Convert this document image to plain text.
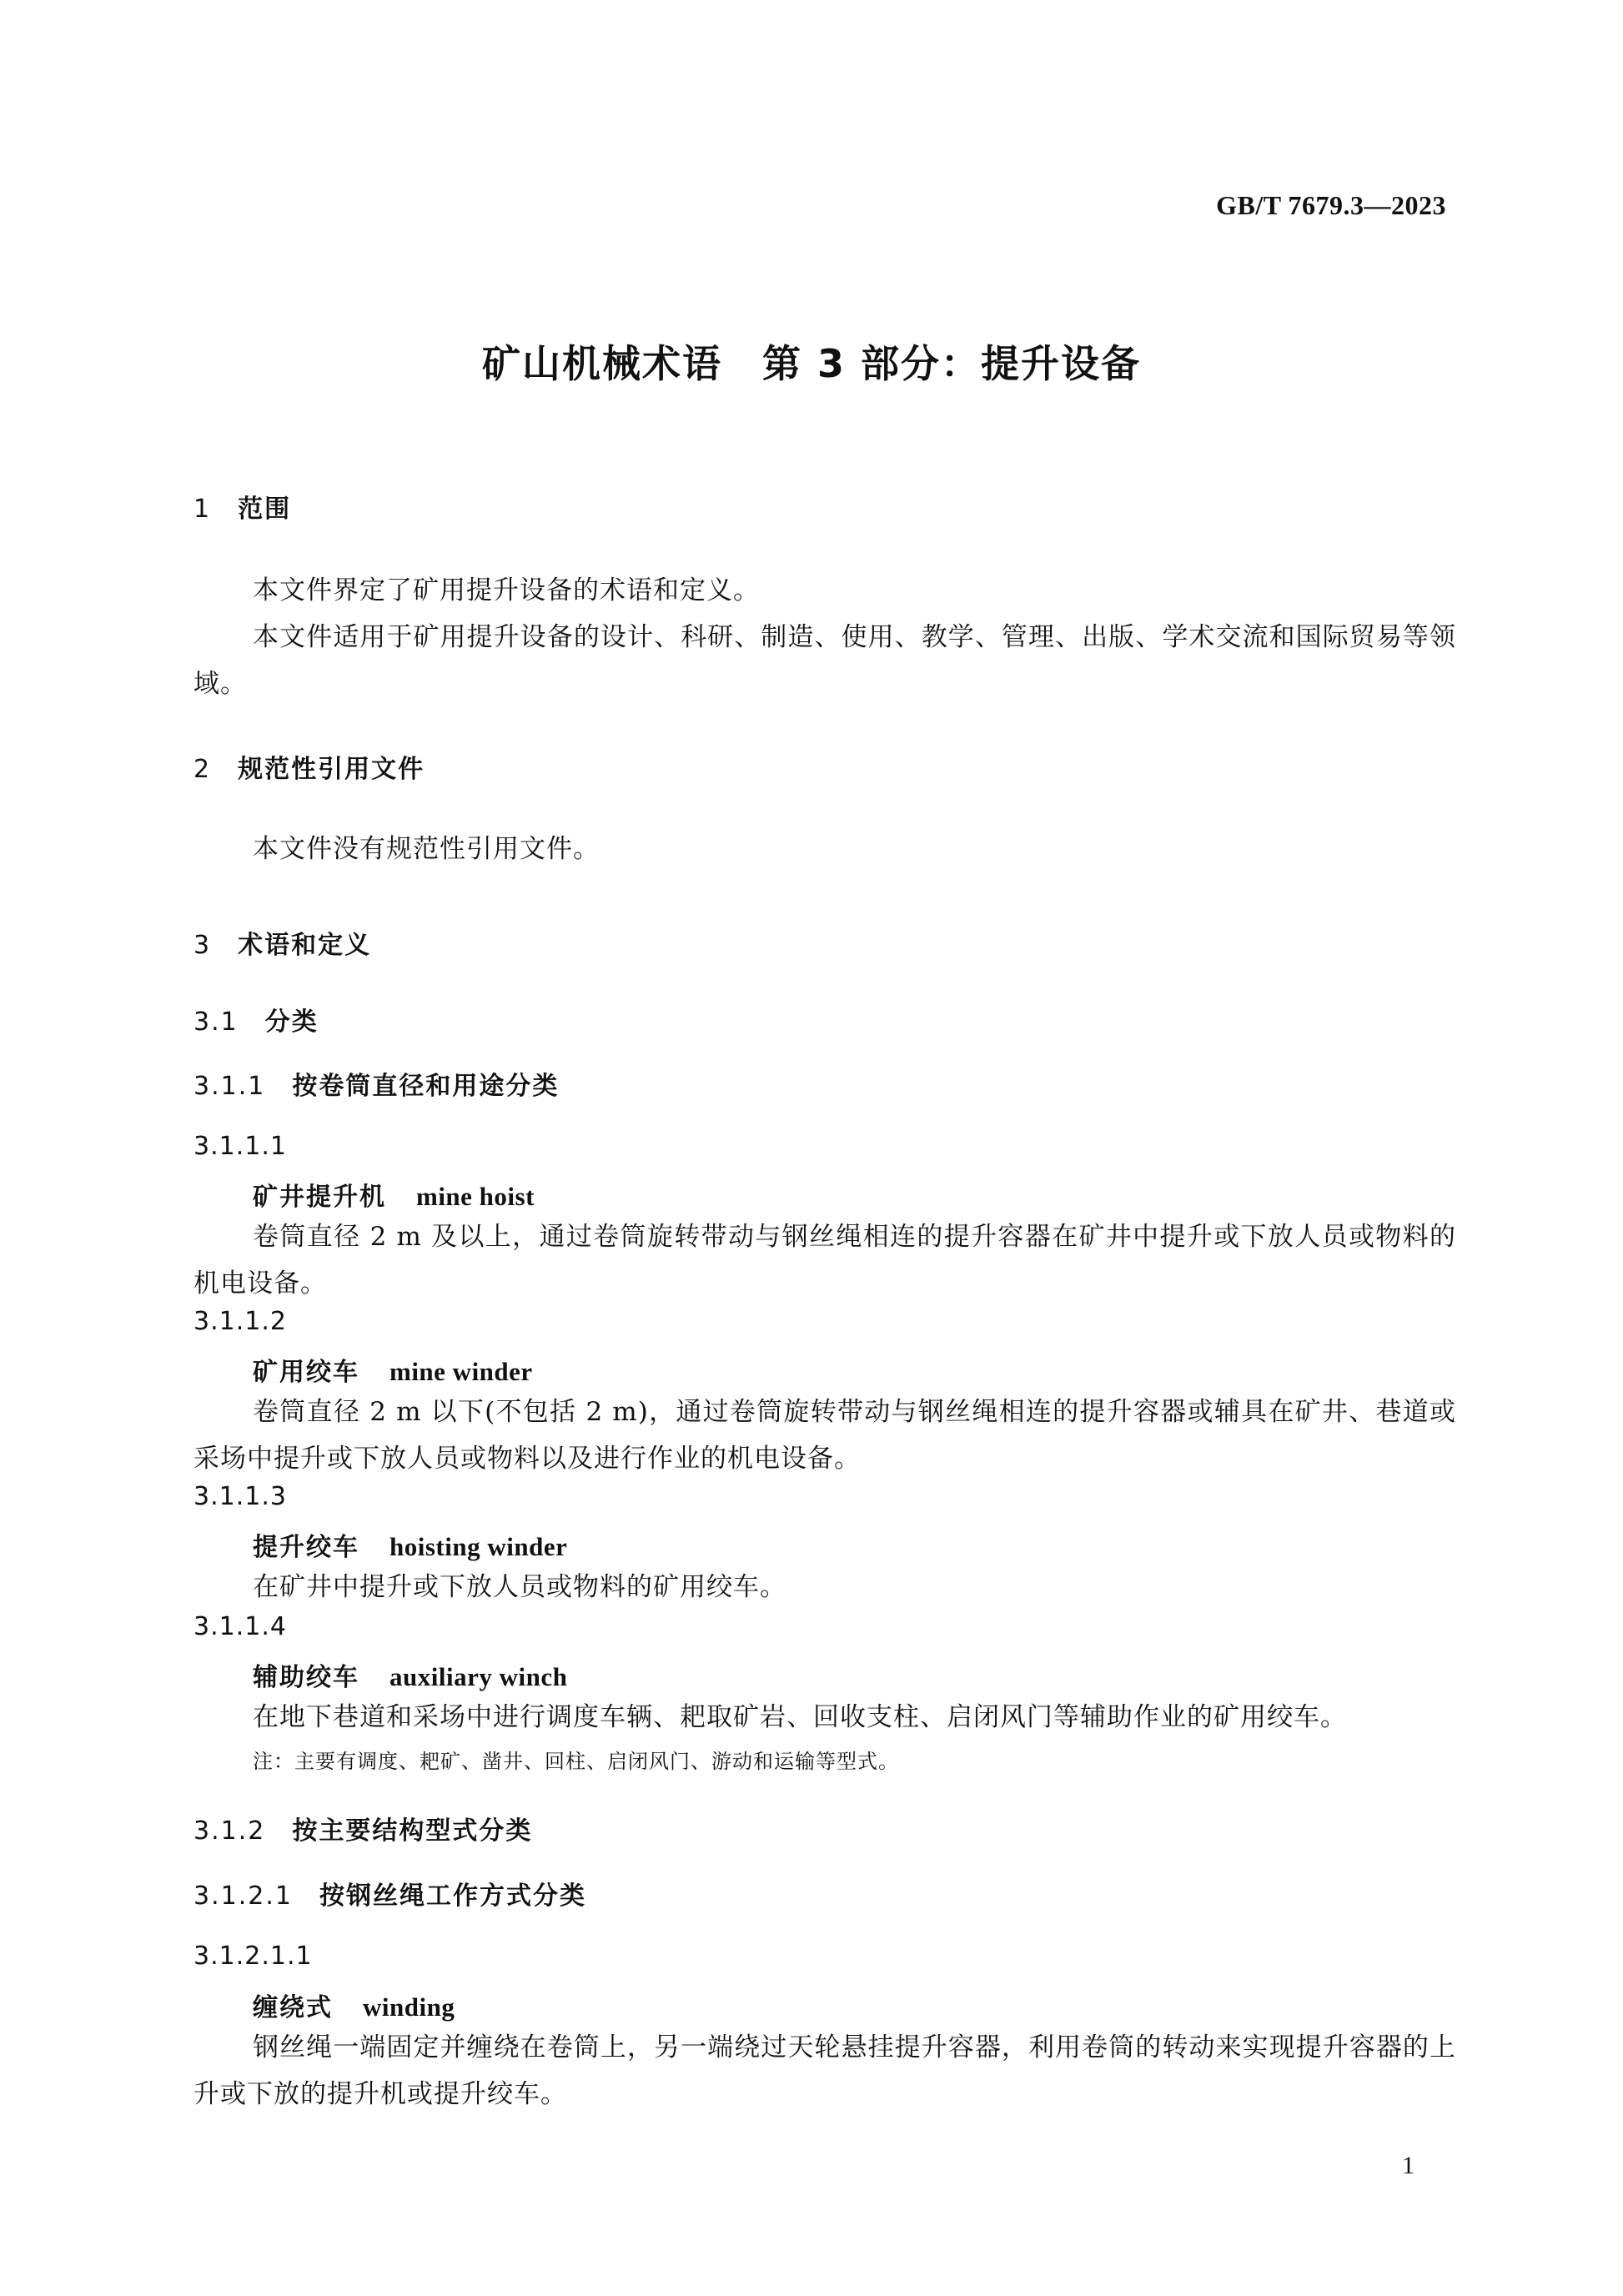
GB/T 7679.3—2023
矿山机械术语　第 3 部分：提升设备
1 范围
本文件界定了矿用提升设备的术语和定义。
本文件适用于矿用提升设备的设计、科研、制造、使用、教学、管理、出版、学术交流和国际贸易等领域。
2 规范性引用文件
本文件没有规范性引用文件。
3 术语和定义
3.1 分类
3.1.1 按卷筒直径和用途分类
3.1.1.1
矿井提升机 mine hoist
卷筒直径 2 m 及以上，通过卷筒旋转带动与钢丝绳相连的提升容器在矿井中提升或下放人员或物料的机电设备。
3.1.1.2
矿用绞车 mine winder
卷筒直径 2 m 以下(不包括 2 m)，通过卷筒旋转带动与钢丝绳相连的提升容器或辅具在矿井、巷道或采场中提升或下放人员或物料以及进行作业的机电设备。
3.1.1.3
提升绞车 hoisting winder
在矿井中提升或下放人员或物料的矿用绞车。
3.1.1.4
辅助绞车 auxiliary winch
在地下巷道和采场中进行调度车辆、耙取矿岩、回收支柱、启闭风门等辅助作业的矿用绞车。
注：主要有调度、耙矿、凿井、回柱、启闭风门、游动和运输等型式。
3.1.2 按主要结构型式分类
3.1.2.1 按钢丝绳工作方式分类
3.1.2.1.1
缠绕式 winding
钢丝绳一端固定并缠绕在卷筒上，另一端绕过天轮悬挂提升容器，利用卷筒的转动来实现提升容器的上升或下放的提升机或提升绞车。
1
